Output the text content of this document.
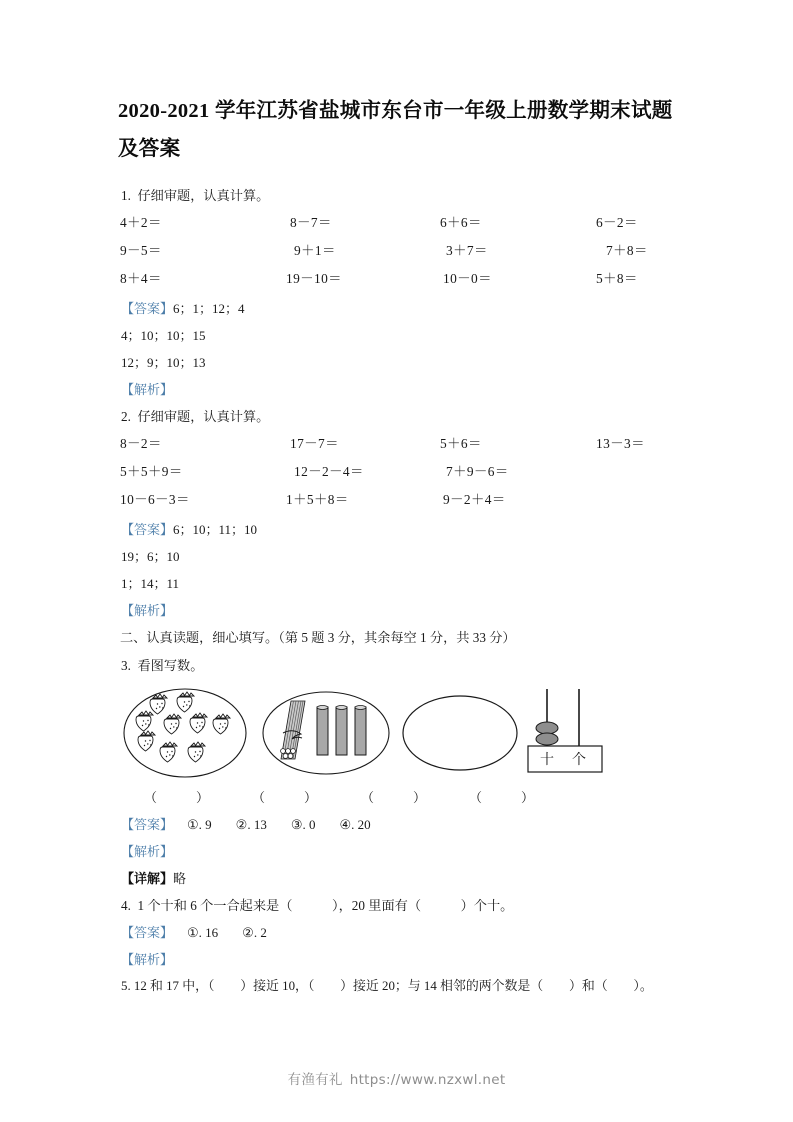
2020-2021 学年江苏省盐城市东台市一年级上册数学期末试题及答案
1.  仔细审题，认真计算。
4＋2＝	8－7＝	6＋6＝	6－2＝
9－5＝	9＋1＝	3＋7＝	7＋8＝
8＋4＝	19－10＝	10－0＝	5＋8＝
【答案】6；1；12；4
4；10；10；15
12；9；10；13
【解析】
2.  仔细审题，认真计算。
8－2＝	17－7＝	5＋6＝	13－3＝
5＋5＋9＝	12－2－4＝	7＋9－6＝
10－6－3＝	1＋5＋8＝	9－2＋4＝
【答案】6；10；11；10
19；6；10
1；14；11
【解析】
二、认真读题，细心填写。（第 5 题 3 分，其余每空 1 分，共 33 分）
3.  看图写数。
十 个
（            ）	（            ）	（            ）	（            ）
【答案】 ①. 9 ②. 13 ③. 0 ④. 20
【解析】
【详解】略
4.  1 个十和 6 个一合起来是（            ），20 里面有（            ）个十。
【答案】 ①. 16 ②. 2
【解析】
5. 12 和 17 中，（        ）接近 10，（        ）接近 20；与 14 相邻的两个数是（        ）和（        ）。
有渔有礼 https://www.nzxwl.net
